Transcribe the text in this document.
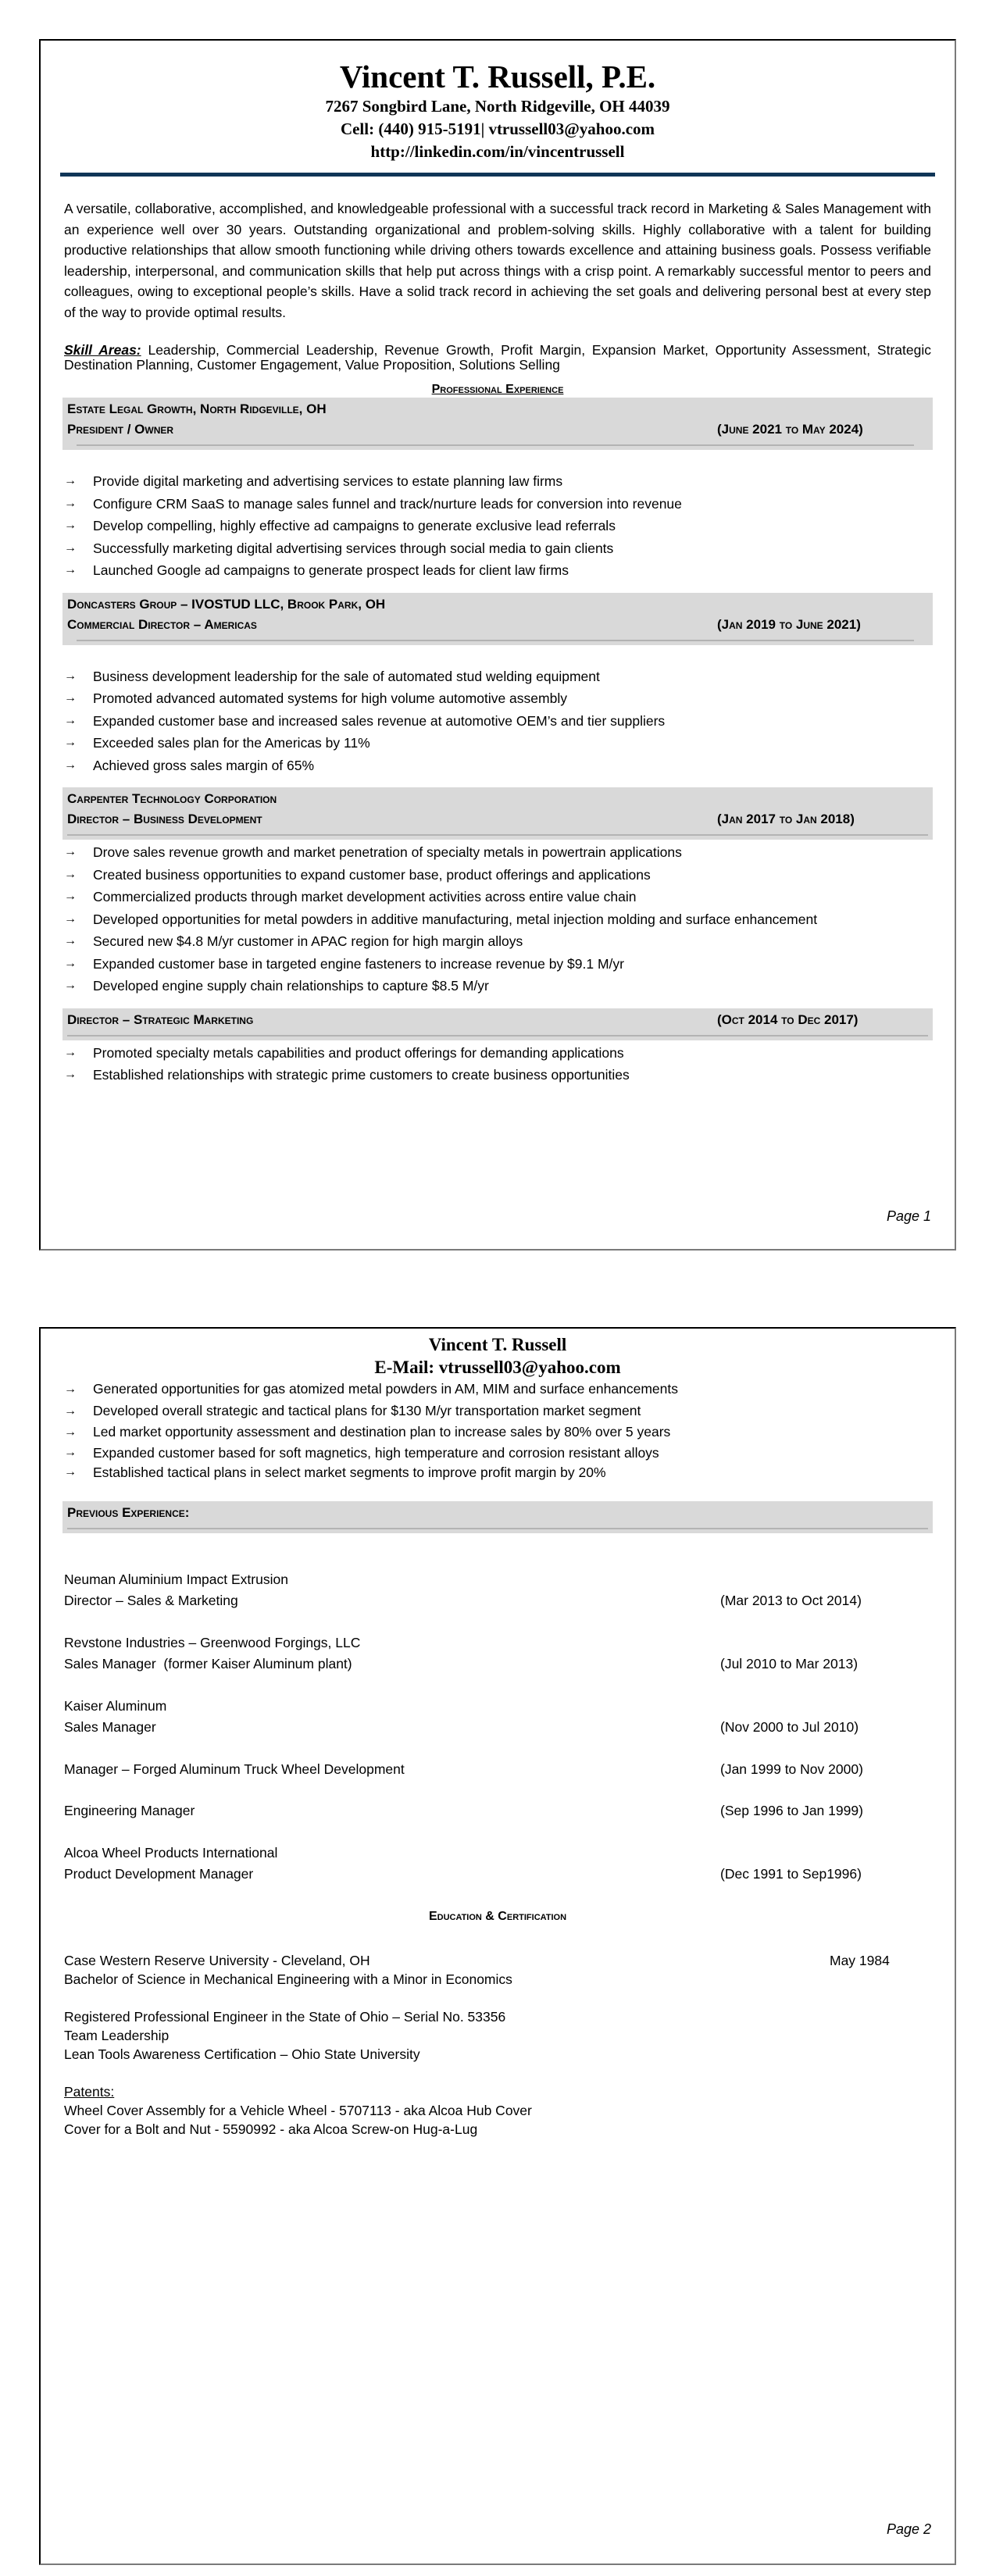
Vincent T. Russell, P.E.
7267 Songbird Lane, North Ridgeville, OH 44039
Cell: (440) 915-5191| vtrussell03@yahoo.com
http://linkedin.com/in/vincentrussell
A versatile, collaborative, accomplished, and knowledgeable professional with a successful track record in Marketing & Sales Management with an experience well over 30 years. Outstanding organizational and problem-solving skills. Highly collaborative with a talent for building productive relationships that allow smooth functioning while driving others towards excellence and attaining business goals. Possess verifiable leadership, interpersonal, and communication skills that help put across things with a crisp point. A remarkably successful mentor to peers and colleagues, owing to exceptional people’s skills. Have a solid track record in achieving the set goals and delivering personal best at every step of the way to provide optimal results.
Skill Areas: Leadership, Commercial Leadership, Revenue Growth, Profit Margin, Expansion Market, Opportunity Assessment, Strategic Destination Planning, Customer Engagement, Value Proposition, Solutions Selling
Professional Experience
Estate Legal Growth, North Ridgeville, OH
President / Owner	(June 2021 to May 2024)
→ Provide digital marketing and advertising services to estate planning law firms
→ Configure CRM SaaS to manage sales funnel and track/nurture leads for conversion into revenue
→ Develop compelling, highly effective ad campaigns to generate exclusive lead referrals
→ Successfully marketing digital advertising services through social media to gain clients
→ Launched Google ad campaigns to generate prospect leads for client law firms
Doncasters Group – IVOSTUD LLC, Brook Park, OH
Commercial Director – Americas	(Jan 2019 to June 2021)
→ Business development leadership for the sale of automated stud welding equipment
→ Promoted advanced automated systems for high volume automotive assembly
→ Expanded customer base and increased sales revenue at automotive OEM’s and tier suppliers
→ Exceeded sales plan for the Americas by 11%
→ Achieved gross sales margin of 65%
Carpenter Technology Corporation
Director – Business Development	(Jan 2017 to Jan 2018)
→ Drove sales revenue growth and market penetration of specialty metals in powertrain applications
→ Created business opportunities to expand customer base, product offerings and applications
→ Commercialized products through market development activities across entire value chain
→ Developed opportunities for metal powders in additive manufacturing, metal injection molding and surface enhancement
→ Secured new $4.8 M/yr customer in APAC region for high margin alloys
→ Expanded customer base in targeted engine fasteners to increase revenue by $9.1 M/yr
→ Developed engine supply chain relationships to capture $8.5 M/yr
Director – Strategic Marketing	(Oct 2014 to Dec 2017)
→ Promoted specialty metals capabilities and product offerings for demanding applications
→ Established relationships with strategic prime customers to create business opportunities
Page 1
Vincent T. Russell
E-Mail: vtrussell03@yahoo.com
→ Generated opportunities for gas atomized metal powders in AM, MIM and surface enhancements
→ Developed overall strategic and tactical plans for $130 M/yr transportation market segment
→ Led market opportunity assessment and destination plan to increase sales by 80% over 5 years
→ Expanded customer based for soft magnetics, high temperature and corrosion resistant alloys
→ Established tactical plans in select market segments to improve profit margin by 20%
Previous Experience:
Neuman Aluminium Impact Extrusion
Director – Sales & Marketing	(Mar 2013 to Oct 2014)
Revstone Industries – Greenwood Forgings, LLC
Sales Manager  (former Kaiser Aluminum plant)	(Jul 2010 to Mar 2013)
Kaiser Aluminum
Sales Manager	(Nov 2000 to Jul 2010)
Manager – Forged Aluminum Truck Wheel Development	(Jan 1999 to Nov 2000)
Engineering Manager	(Sep 1996 to Jan 1999)
Alcoa Wheel Products International
Product Development Manager	(Dec 1991 to Sep1996)
Education & Certification
Case Western Reserve University - Cleveland, OH	May 1984
Bachelor of Science in Mechanical Engineering with a Minor in Economics
Registered Professional Engineer in the State of Ohio – Serial No. 53356
Team Leadership
Lean Tools Awareness Certification – Ohio State University
Patents:
Wheel Cover Assembly for a Vehicle Wheel - 5707113 - aka Alcoa Hub Cover
Cover for a Bolt and Nut - 5590992 - aka Alcoa Screw-on Hug-a-Lug
Page 2
